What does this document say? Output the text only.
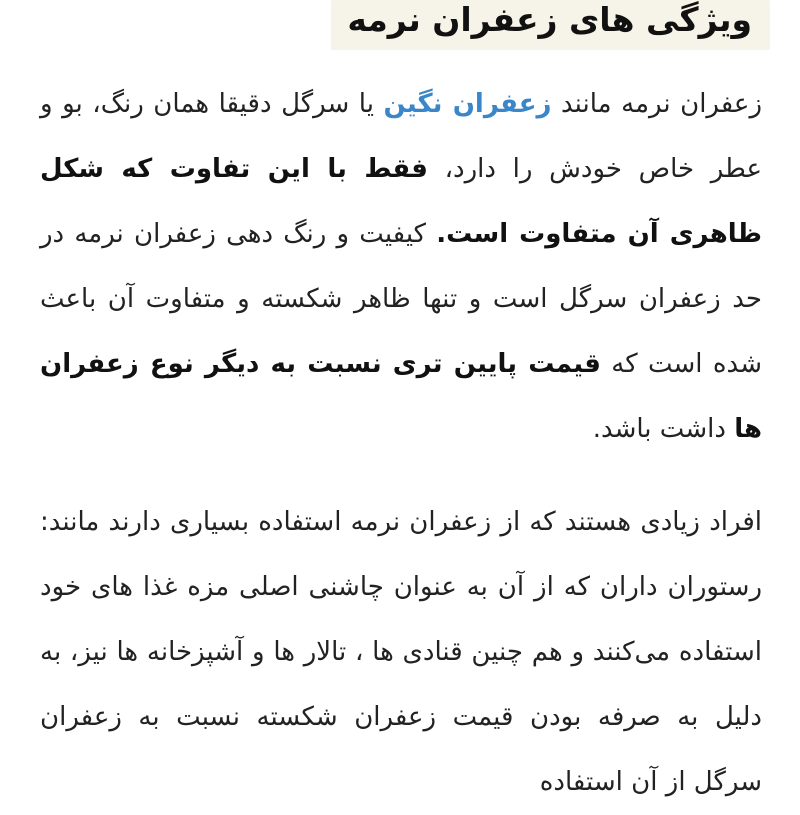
ویژگی های زعفران نرمه

زعفران نرمه مانند زعفران نگین یا سرگل دقیقا همان رنگ، بو و عطر خاص خودش را دارد، فقط با این تفاوت که شکل ظاهری آن متفاوت است. کیفیت و رنگ دهی زعفران نرمه در حد زعفران سرگل است و تنها ظاهر شکسته و متفاوت آن باعث شده است که قیمت پایین تری نسبت به دیگر نوع زعفران ها داشت باشد.

افراد زیادی هستند که از زعفران نرمه استفاده بسیاری دارند مانند: رستوران داران که از آن به عنوان چاشنی اصلی مزه غذا های خود استفاده می‌کنند و هم چنین قنادی ها ، تالار ها و آشپزخانه ها نیز، به دلیل به صرفه بودن قیمت زعفران شکسته نسبت به زعفران سرگل از آن استفاده
